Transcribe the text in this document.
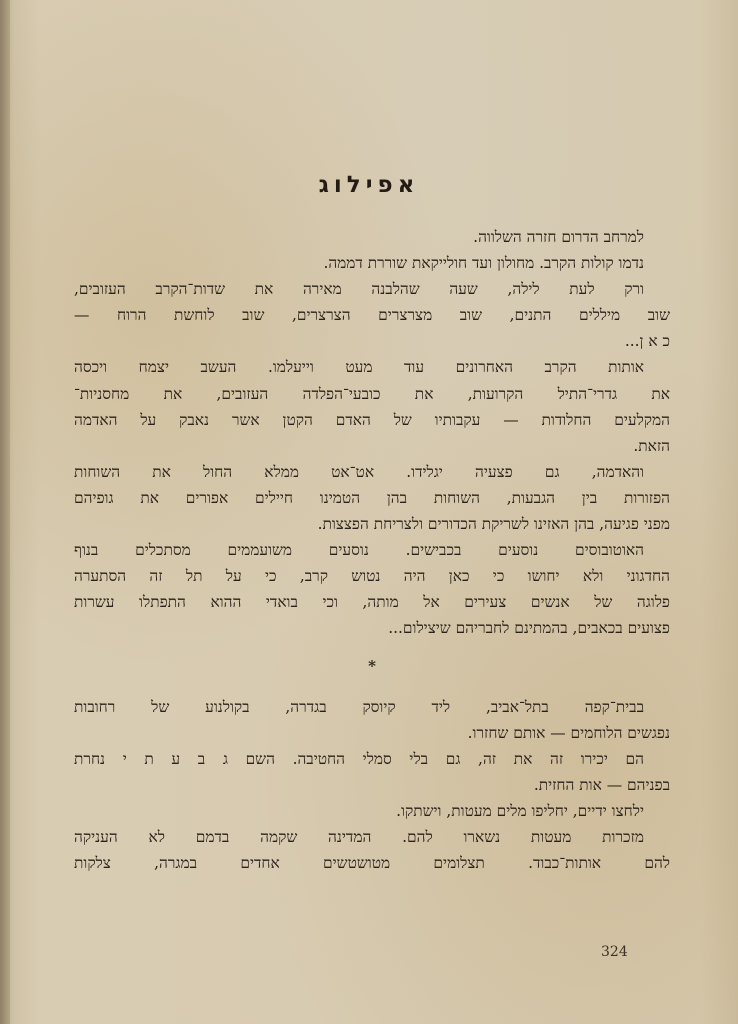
אפילוג

למרחב הדרום חזרה השלווה.

נדמו קולות הקרב. מחולון ועד חולייקאת שוררת דממה.

ורק לעת לילה, שעה שהלבנה מאירה את שדות־הקרב העזובים,
שוב מיללים התנים, שוב מצרצרים הצרצרים, שוב לוחשת הרוח —
כ א ן...

אותות הקרב האחרונים עוד מעט וייעלמו. העשב יצמח ויכסה
את גדרי־התיל הקרועות, את כובעי־הפלדה העזובים, את מחסניות־
המקלעים החלודות — עקבותיו של האדם הקטן אשר נאבק על האדמה
הזאת.

והאדמה, גם פצעיה יגלידו. אט־אט ממלא החול את השוחות
הפזורות בין הגבעות, השוחות בהן הטמינו חיילים אפורים את גופיהם
מפני פגיעה, בהן האזינו לשריקת הכדורים ולצריחת הפצצות.

האוטובוסים נוסעים בכבישים. נוסעים משועממים מסתכלים בנוף
החדגוני ולא יחושו כי כאן היה נטוש קרב, כי על תל זה הסתערה
פלוגה של אנשים צעירים אל מותה, וכי בואדי ההוא התפתלו עשרות
פצועים בכאבים, בהמתינם לחבריהם שיצילום...

*

בבית־קפה בתל־אביב, ליד קיוסק בגדרה, בקולנוע של רחובות
נפגשים הלוחמים — אותם שחזרו.

הם יכירו זה את זה, גם בלי סמלי החטיבה. השם ג ב ע ת י נחרת
בפניהם — אות החזית.

ילחצו ידיים, יחליפו מלים מעטות, וישתקו.

מזכרות מעטות נשארו להם. המדינה שקמה בדמם לא העניקה
להם אותות־כבוד. תצלומים מטושטשים אחדים במגרה, צלקות

324
